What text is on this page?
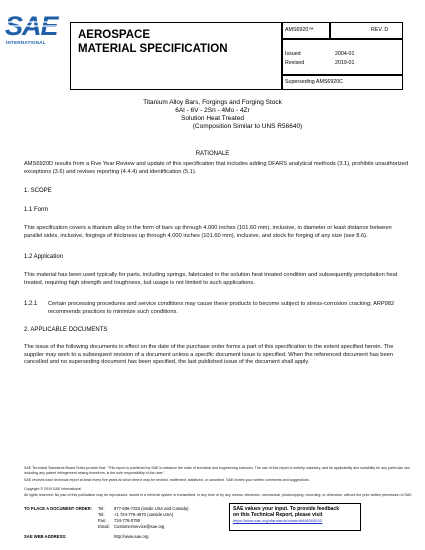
SAE
INTERNATIONAL
AEROSPACE
MATERIAL SPECIFICATION
AMS6920™	REV. D
Issued	2004-01
Revised	2019-01
Superseding AMS6920C
Titanium Alloy Bars, Forgings and Forging Stock
6Al - 6V - 2Sn - 4Mo - 4Zr
Solution Heat Treated
(Composition Similar to UNS R56640)
RATIONALE
AMS6920D results from a Five Year Review and update of this specification that includes adding DFARS analytical methods (3.1), prohibits unauthorized exceptions (3.6) and revises reporting (4.4.4) and identification (5.1).
1. SCOPE
1.1 Form
This specification covers a titanium alloy in the form of bars up through 4.000 inches (101.60 mm), inclusive, in diameter or least distance between parallel sides, inclusive, forgings of thickness up through 4.000 inches (101.60 mm), inclusive, and stock for forging of any size (see 8.6).
1.2 Application
This material has been used typically for parts, including springs, fabricated in the solution heat treated condition and subsequently precipitation heat treated, requiring high strength and toughness, but usage is not limited to such applications.
1.2.1 Certain processing procedures and service conditions may cause these products to become subject to stress-corrosion cracking; ARP982 recommends practices to minimize such conditions.
2. APPLICABLE DOCUMENTS
The issue of the following documents in effect on the date of the purchase order forms a part of this specification to the extent specified herein. The supplier may work to a subsequent revision of a document unless a specific document issue is specified. When the referenced document has been cancelled and no superseding document has been specified, the last published issue of the document shall apply.
SAE Technical Standards Board Rules provide that: "This report is published by SAE to advance the state of technical and engineering sciences. The use of this report is entirely voluntary, and its applicability and suitability for any particular use, including any patent infringement arising therefrom, is the sole responsibility of the user."
SAE reviews each technical report at least every five years at which time it may be revised, reaffirmed, stabilized, or cancelled. SAE invites your written comments and suggestions.
Copyright © 2019 SAE International
All rights reserved. No part of this publication may be reproduced, stored in a retrieval system or transmitted, in any form or by any means, electronic, mechanical, photocopying, recording, or otherwise, without the prior written permission of SAE.
TO PLACE A DOCUMENT ORDER: Tel: 877-606-7323 (inside USA and Canada)
Tel: +1 724-776-4970 (outside USA)
Fax: 724-776-0790
Email: CustomerService@sae.org
SAE WEB ADDRESS:	http://www.sae.org
SAE values your input. To provide feedback
on this Technical Report, please visit
https://www.sae.org/standards/content/AMS6920D
